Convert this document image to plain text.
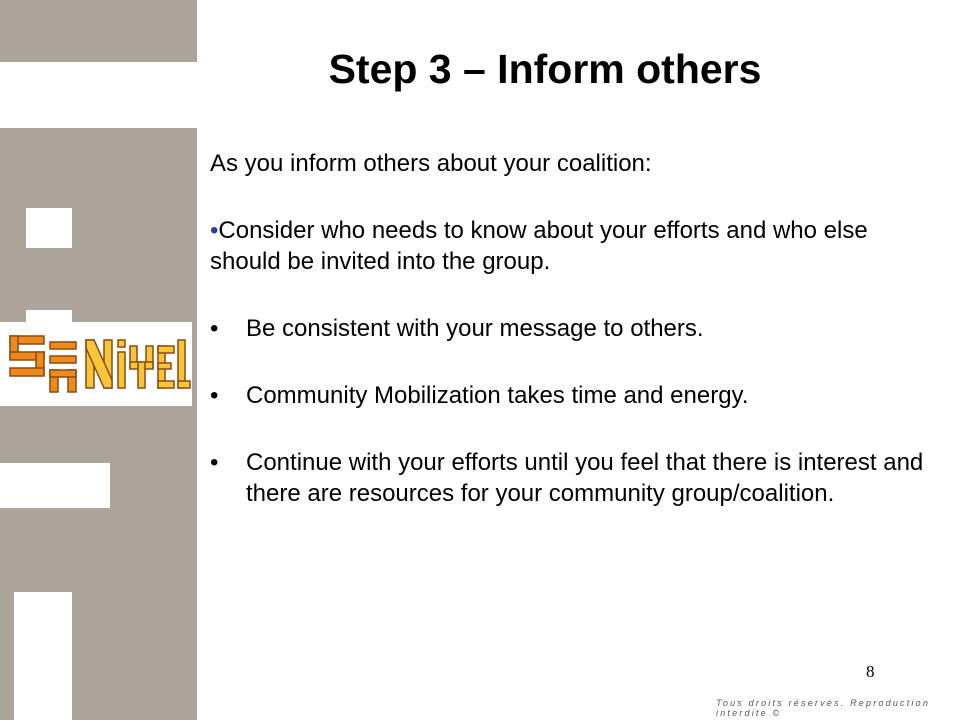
Step 3 – Inform others

As you inform others about your coalition:

•Consider who needs to know about your efforts and who else should be invited into the group.

• Be consistent with your message to others.
• Community Mobilization takes time and energy.
• Continue with your efforts until you feel that there is interest and there are resources for your community group/coalition.
8
Tous droits réservés. Reproduction interdite ©
